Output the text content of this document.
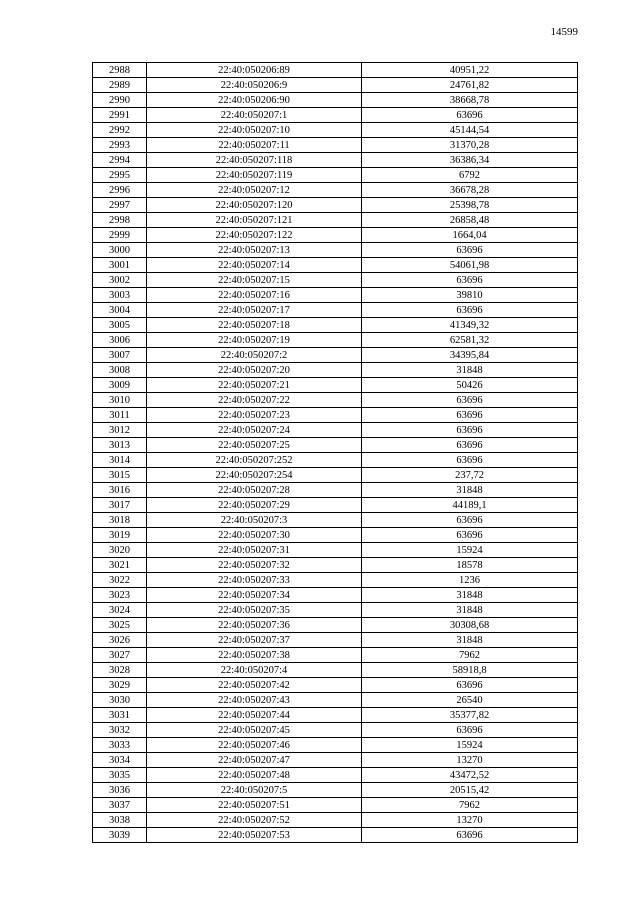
14599
2988	22:40:050206:89	40951,22
2989	22:40:050206:9	24761,82
2990	22:40:050206:90	38668,78
2991	22:40:050207:1	63696
2992	22:40:050207:10	45144,54
2993	22:40:050207:11	31370,28
2994	22:40:050207:118	36386,34
2995	22:40:050207:119	6792
2996	22:40:050207:12	36678,28
2997	22:40:050207:120	25398,78
2998	22:40:050207:121	26858,48
2999	22:40:050207:122	1664,04
3000	22:40:050207:13	63696
3001	22:40:050207:14	54061,98
3002	22:40:050207:15	63696
3003	22:40:050207:16	39810
3004	22:40:050207:17	63696
3005	22:40:050207:18	41349,32
3006	22:40:050207:19	62581,32
3007	22:40:050207:2	34395,84
3008	22:40:050207:20	31848
3009	22:40:050207:21	50426
3010	22:40:050207:22	63696
3011	22:40:050207:23	63696
3012	22:40:050207:24	63696
3013	22:40:050207:25	63696
3014	22:40:050207:252	63696
3015	22:40:050207:254	237,72
3016	22:40:050207:28	31848
3017	22:40:050207:29	44189,1
3018	22:40:050207:3	63696
3019	22:40:050207:30	63696
3020	22:40:050207:31	15924
3021	22:40:050207:32	18578
3022	22:40:050207:33	1236
3023	22:40:050207:34	31848
3024	22:40:050207:35	31848
3025	22:40:050207:36	30308,68
3026	22:40:050207:37	31848
3027	22:40:050207:38	7962
3028	22:40:050207:4	58918,8
3029	22:40:050207:42	63696
3030	22:40:050207:43	26540
3031	22:40:050207:44	35377,82
3032	22:40:050207:45	63696
3033	22:40:050207:46	15924
3034	22:40:050207:47	13270
3035	22:40:050207:48	43472,52
3036	22:40:050207:5	20515,42
3037	22:40:050207:51	7962
3038	22:40:050207:52	13270
3039	22:40:050207:53	63696
